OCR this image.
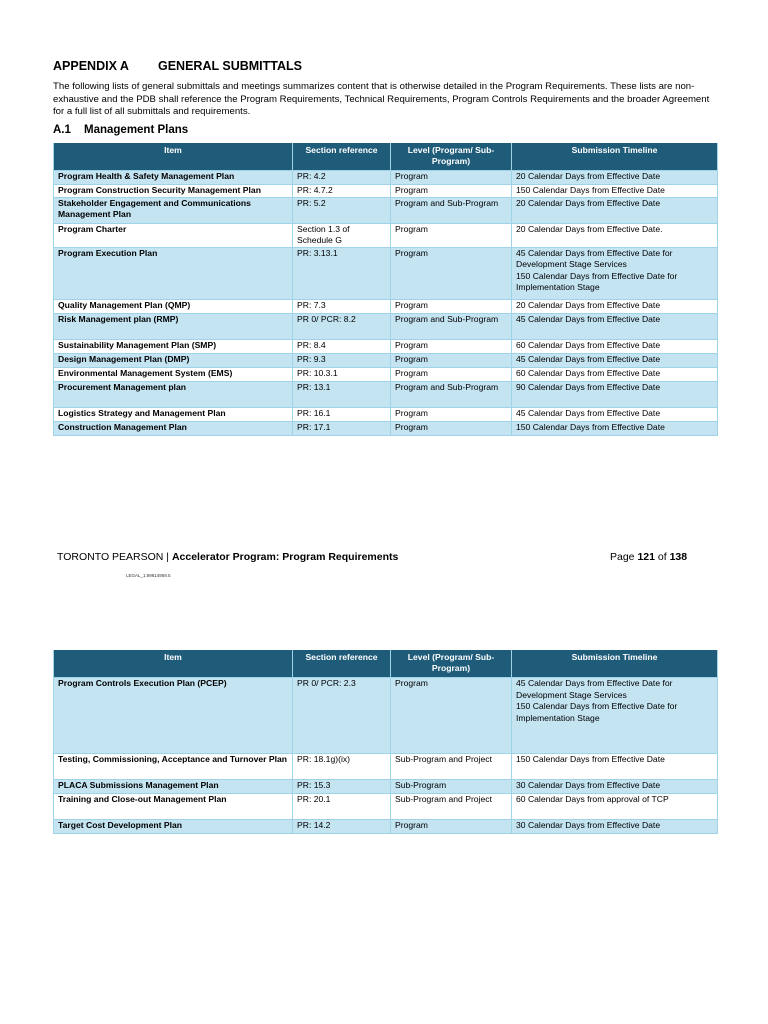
APPENDIX A GENERAL SUBMITTALS
The following lists of general submittals and meetings summarizes content that is otherwise detailed in the Program Requirements. These lists are non-exhaustive and the PDB shall reference the Program Requirements, Technical Requirements, Program Controls Requirements and the broader Agreement for a full list of all submittals and requirements.
A.1 Management Plans
Item	Section reference	Level (Program/ Sub-Program)	Submission Timeline
Program Health & Safety Management Plan	PR: 4.2	Program	20 Calendar Days from Effective Date
Program Construction Security Management Plan	PR: 4.7.2	Program	150 Calendar Days from Effective Date
Stakeholder Engagement and Communications Management Plan	PR: 5.2	Program and Sub-Program	20 Calendar Days from Effective Date
Program Charter	Section 1.3 of Schedule G	Program	20 Calendar Days from Effective Date.
Program Execution Plan	PR: 3.13.1	Program	45 Calendar Days from Effective Date for Development Stage Services
150 Calendar Days from Effective Date for Implementation Stage
Quality Management Plan (QMP)	PR: 7.3	Program	20 Calendar Days from Effective Date
Risk Management plan (RMP)	PR 0/ PCR: 8.2	Program and Sub-Program	45 Calendar Days from Effective Date
Sustainability Management Plan (SMP)	PR: 8.4	Program	60 Calendar Days from Effective Date
Design Management Plan (DMP)	PR: 9.3	Program	45 Calendar Days from Effective Date
Environmental Management System (EMS)	PR: 10.3.1	Program	60 Calendar Days from Effective Date
Procurement Management plan	PR: 13.1	Program and Sub-Program	90 Calendar Days from Effective Date
Logistics Strategy and Management Plan	PR: 16.1	Program	45 Calendar Days from Effective Date
Construction Management Plan	PR: 17.1	Program	150 Calendar Days from Effective Date
TORONTO PEARSON | Accelerator Program: Program Requirements	Page 121 of 138
LEGAL_1:89814959.5
Item	Section reference	Level (Program/ Sub-Program)	Submission Timeline
Program Controls Execution Plan (PCEP)	PR 0/ PCR: 2.3	Program	45 Calendar Days from Effective Date for Development Stage Services
150 Calendar Days from Effective Date for Implementation Stage
Testing, Commissioning, Acceptance and Turnover Plan	PR: 18.1g)(ix)	Sub-Program and Project	150 Calendar Days from Effective Date
PLACA Submissions Management Plan	PR: 15.3	Sub-Program	30 Calendar Days from Effective Date
Training and Close-out Management Plan	PR: 20.1	Sub-Program and Project	60 Calendar Days from approval of TCP
Target Cost Development Plan	PR: 14.2	Program	30 Calendar Days from Effective Date
